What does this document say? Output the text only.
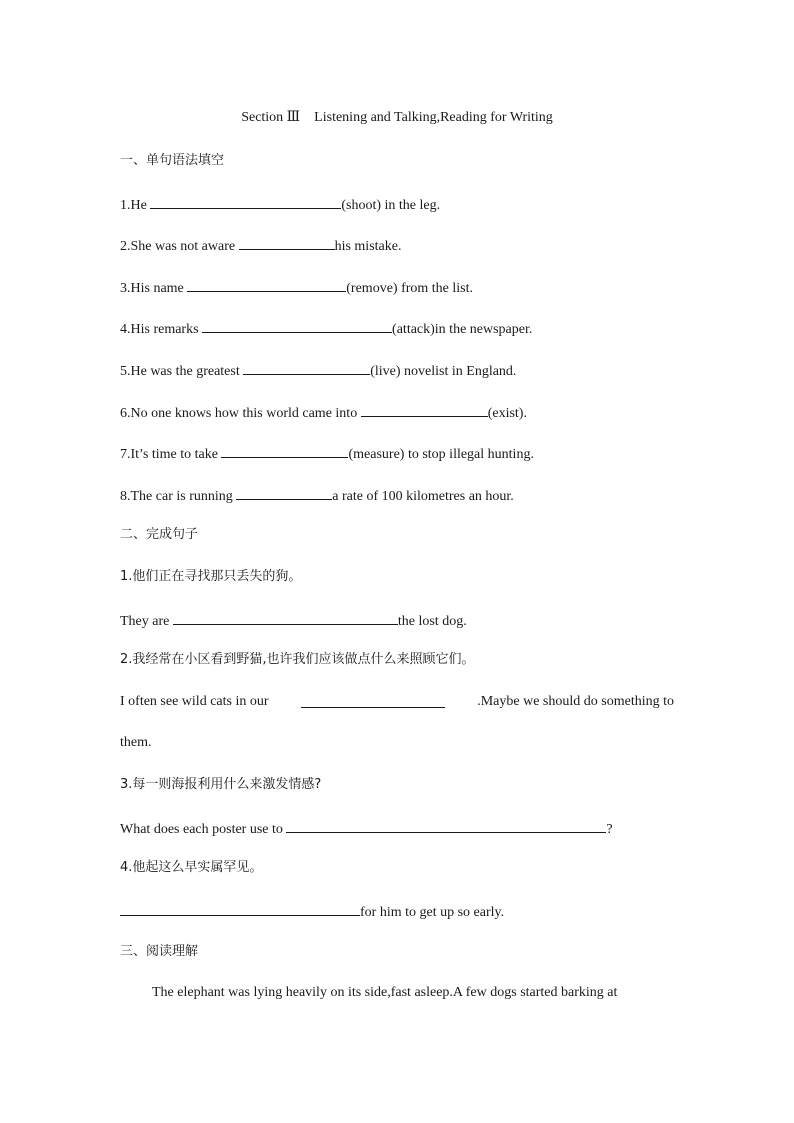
Section Ⅲ　Listening and Talking,Reading for Writing
一、单句语法填空
1.He	(shoot) in the leg.
2.She was not aware	his mistake.
3.His name	(remove) from the list.
4.His remarks	(attack)in the newspaper.
5.He was the greatest	(live) novelist in England.
6.No one knows how this world came into	(exist).
7.It’s time to take	(measure) to stop illegal hunting.
8.The car is running	a rate of 100 kilometres an hour.
二、完成句子
1.他们正在寻找那只丢失的狗。
They are	the lost dog.
2.我经常在小区看到野猫,也许我们应该做点什么来照顾它们。
I often see wild cats in our	.Maybe we should do something to
them.
3.每一则海报利用什么来激发情感?
What does each poster use to	?
4.他起这么早实属罕见。
for him to get up so early.
三、阅读理解
The elephant was lying heavily on its side,fast asleep.A few dogs started barking at
